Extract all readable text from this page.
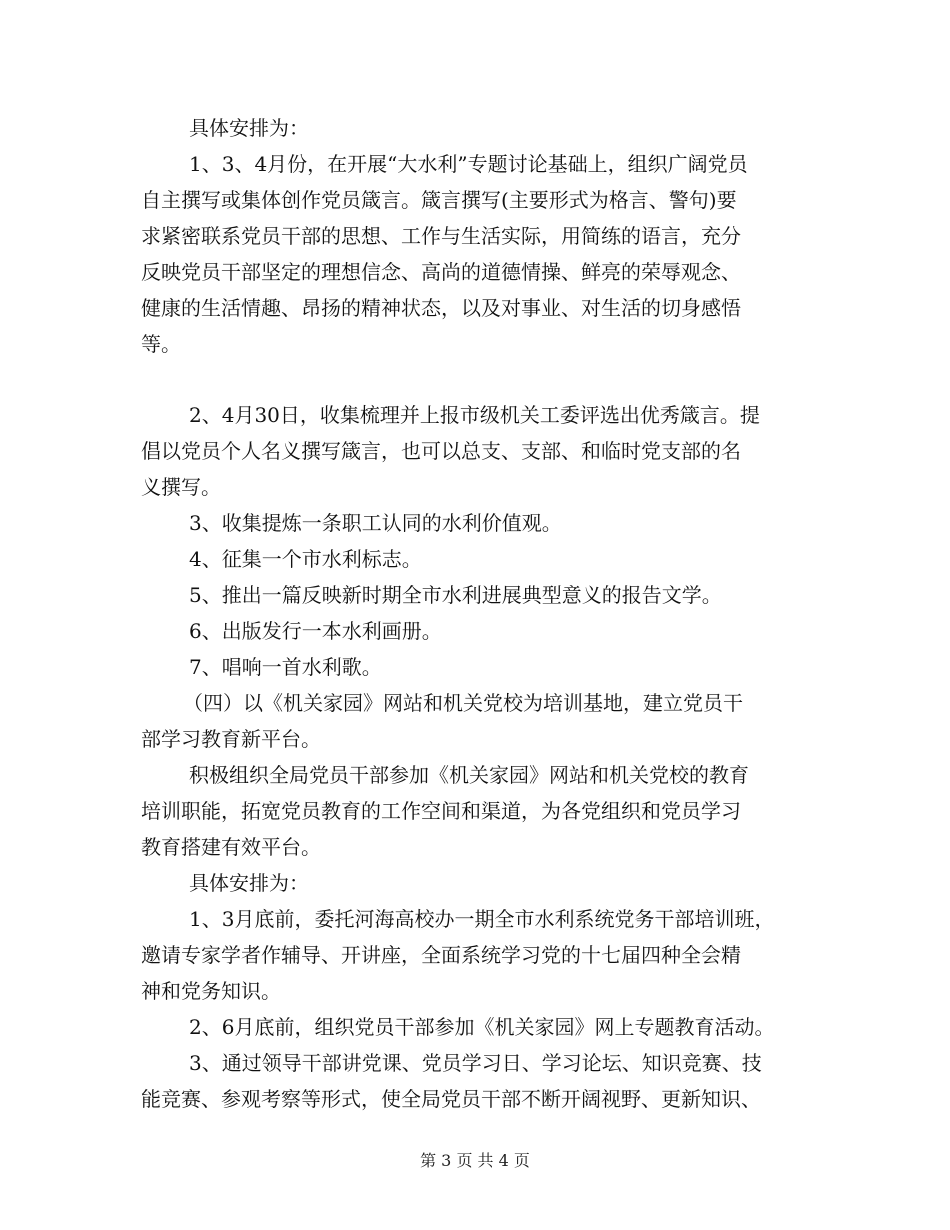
具体安排为：
1、3、4月份，在开展“大水利”专题讨论基础上，组织广阔党员
自主撰写或集体创作党员箴言。箴言撰写(主要形式为格言、警句)要
求紧密联系党员干部的思想、工作与生活实际，用简练的语言，充分
反映党员干部坚定的理想信念、高尚的道德情操、鲜亮的荣辱观念、
健康的生活情趣、昂扬的精神状态，以及对事业、对生活的切身感悟
等。
2、4月30日，收集梳理并上报市级机关工委评选出优秀箴言。提
倡以党员个人名义撰写箴言，也可以总支、支部、和临时党支部的名
义撰写。
3、收集提炼一条职工认同的水利价值观。
4、征集一个市水利标志。
5、推出一篇反映新时期全市水利进展典型意义的报告文学。
6、出版发行一本水利画册。
7、唱响一首水利歌。
（四）以《机关家园》网站和机关党校为培训基地，建立党员干
部学习教育新平台。
积极组织全局党员干部参加《机关家园》网站和机关党校的教育
培训职能，拓宽党员教育的工作空间和渠道，为各党组织和党员学习
教育搭建有效平台。
具体安排为：
1、3月底前，委托河海高校办一期全市水利系统党务干部培训班，
邀请专家学者作辅导、开讲座，全面系统学习党的十七届四种全会精
神和党务知识。
2、6月底前，组织党员干部参加《机关家园》网上专题教育活动。
3、通过领导干部讲党课、党员学习日、学习论坛、知识竞赛、技
能竞赛、参观考察等形式，使全局党员干部不断开阔视野、更新知识、
第 3 页 共 4 页
